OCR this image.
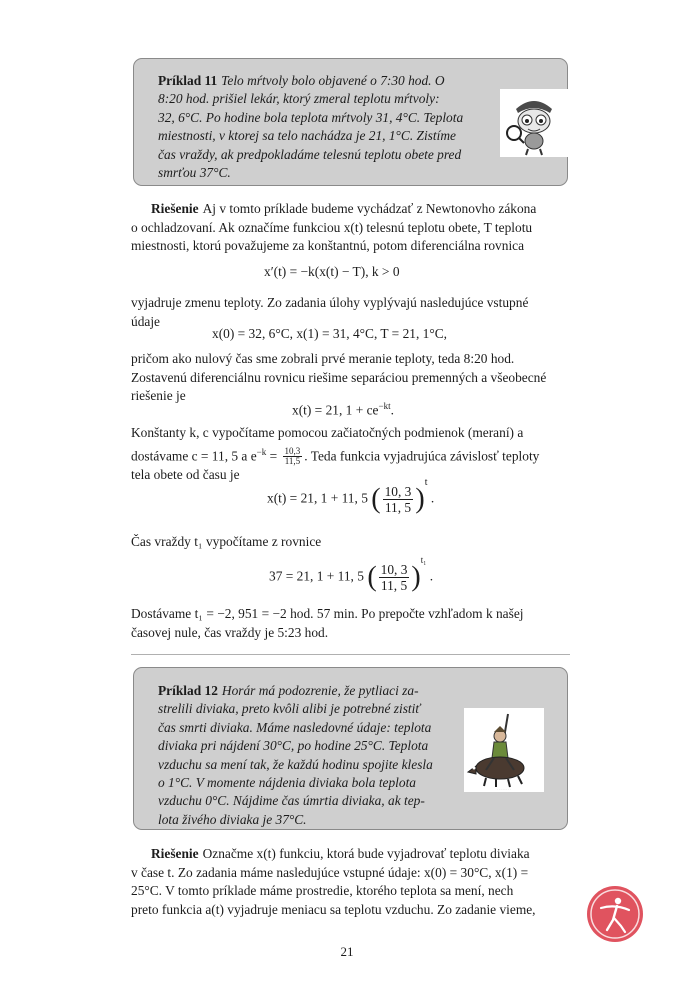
Príklad 11 Telo mŕtvoly bolo objavené o 7:30 hod. O
8:20 hod. prišiel lekár, ktorý zmeral teplotu mŕtvoly:
32, 6°C. Po hodine bola teplota mŕtvoly 31, 4°C. Teplota
miestnosti, v ktorej sa telo nachádza je 21, 1°C. Zistíme
čas vraždy, ak predpokladáme telesnú teplotu obete pred
smrťou 37°C.
Riešenie Aj v tomto príklade budeme vychádzať z Newtonovho zákona
o ochladzovaní. Ak označíme funkciou x(t) telesnú teplotu obete, T teplotu
miestnosti, ktorú považujeme za konštantnú, potom diferenciálna rovnica
x′(t) = −k(x(t) − T), k > 0
vyjadruje zmenu teploty. Zo zadania úlohy vyplývajú nasledujúce vstupné
údaje
x(0) = 32, 6°C, x(1) = 31, 4°C, T = 21, 1°C,
pričom ako nulový čas sme zobrali prvé meranie teploty, teda 8:20 hod.
Zostavenú diferenciálnu rovnicu riešime separáciou premenných a všeobecné
riešenie je
x(t) = 21, $1 + ce^{-kt}$.
Konštanty k, c vypočítame pomocou začiatočných podmienok (meraní) a
dostávame c = 11, 5 a $e^{-k} = \frac{10,3}{11,5}$ . Teda funkcia vyjadrujúca závislosť teploty
tela obete od času je
x(t) = 21, 1 + 11, 5 ( $\frac{10, 3}{11, 5} )^t$ .
Čas vraždy t₁ vypočítame z rovnice
37 = 21, 1 + 11, 5 ( $\frac{10, 3}{11, 5} )^{t_1}$ .
Dostávame t₁ = −2, 951 = −2 hod. 57 min. Po prepočte vzhľadom k našej
časovej nule, čas vraždy je 5:23 hod.
Príklad 12 Horár má podozrenie, že pytliaci za-
strelili diviaka, preto kvôli alibi je potrebné zistiť
čas smrti diviaka. Máme nasledovné údaje: teplota
diviaka pri nájdení 30°C, po hodine 25°C. Teplota
vzduchu sa mení tak, že každú hodinu spojite klesla
o 1°C. V momente nájdenia diviaka bola teplota
vzduchu 0°C. Nájdime čas úmrtia diviaka, ak tep-
lota živého diviaka je 37°C.
· · · · · · · ·
Riešenie Označme x(t) funkciu, ktorá bude vyjadrovať teplotu diviaka
v čase t. Zo zadania máme nasledujúce vstupné údaje: x(0) = 30°C, x(1) =
25°C. V tomto príklade máme prostredie, ktorého teplota sa mení, nech
preto funkcia a(t) vyjadruje meniacu sa teplotu vzduchu. Zo zadanie vieme,
21
